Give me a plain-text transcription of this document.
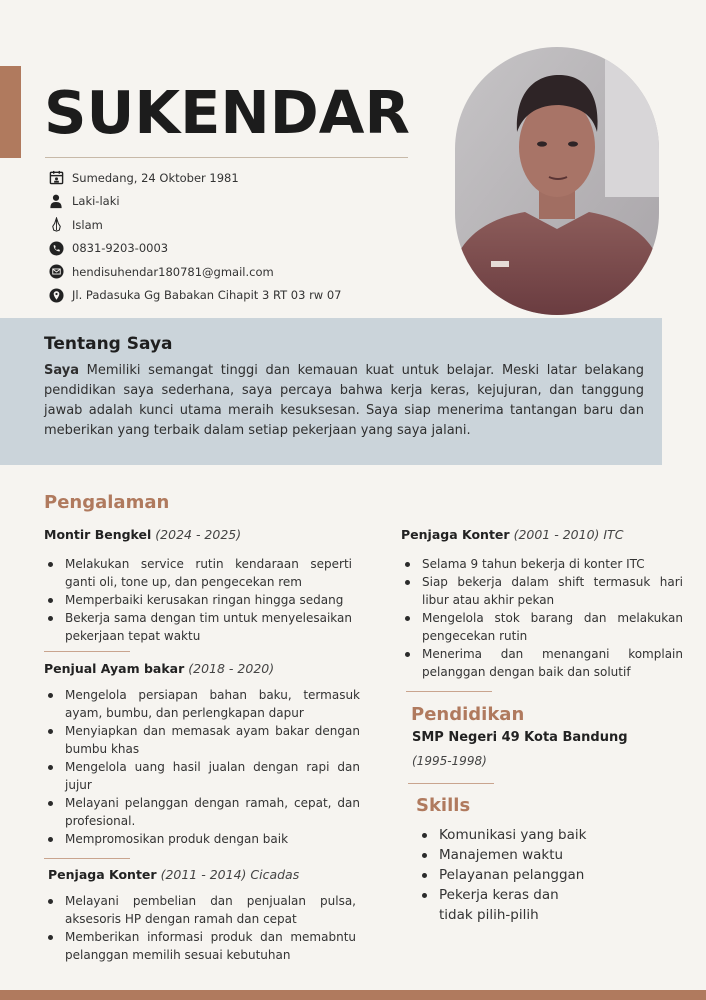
SUKENDAR
Sumedang, 24 Oktober 1981
Laki-laki
Islam
0831-9203-0003
hendisuhendar180781@gmail.com
Jl. Padasuka Gg Babakan Cihapit 3 RT 03 rw 07
Tentang Saya

Saya Memiliki semangat tinggi dan kemauan kuat untuk belajar. Meski latar belakang pendidikan saya sederhana, saya percaya bahwa kerja keras, kejujuran, dan tanggung jawab adalah kunci utama meraih kesuksesan. Saya siap menerima tantangan baru dan meberikan yang terbaik dalam setiap pekerjaan yang saya jalani.

Pengalaman

Montir Bengkel (2024 - 2025)

Melakukan service rutin kendaraan seperti ganti oli, tone up, dan pengecekan rem
Memperbaiki kerusakan ringan hingga sedang
Bekerja sama dengan tim untuk menyelesaikan pekerjaan tepat waktu

Penjual Ayam bakar (2018 - 2020)

Mengelola persiapan bahan baku, termasuk ayam, bumbu, dan perlengkapan dapur
Menyiapkan dan memasak ayam bakar dengan bumbu khas
Mengelola uang hasil jualan dengan rapi dan jujur
Melayani pelanggan dengan ramah, cepat, dan profesional.
Mempromosikan produk dengan baik

Penjaga Konter (2011 - 2014) Cicadas

Melayani pembelian dan penjualan pulsa, aksesoris HP dengan ramah dan cepat
Memberikan informasi produk dan memabntu pelanggan memilih sesuai kebutuhan

Penjaga Konter (2001 - 2010) ITC

Selama 9 tahun bekerja di konter ITC
Siap bekerja dalam shift termasuk hari libur atau akhir pekan
Mengelola stok barang dan melakukan pengecekan rutin
Menerima dan menangani komplain pelanggan dengan baik dan solutif
Pendidikan

SMP Negeri 49 Kota Bandung

(1995-1998)

Skills
Komunikasi yang baik
Manajemen waktu
Pelayanan pelanggan
Pekerja keras dan tidak pilih-pilih
